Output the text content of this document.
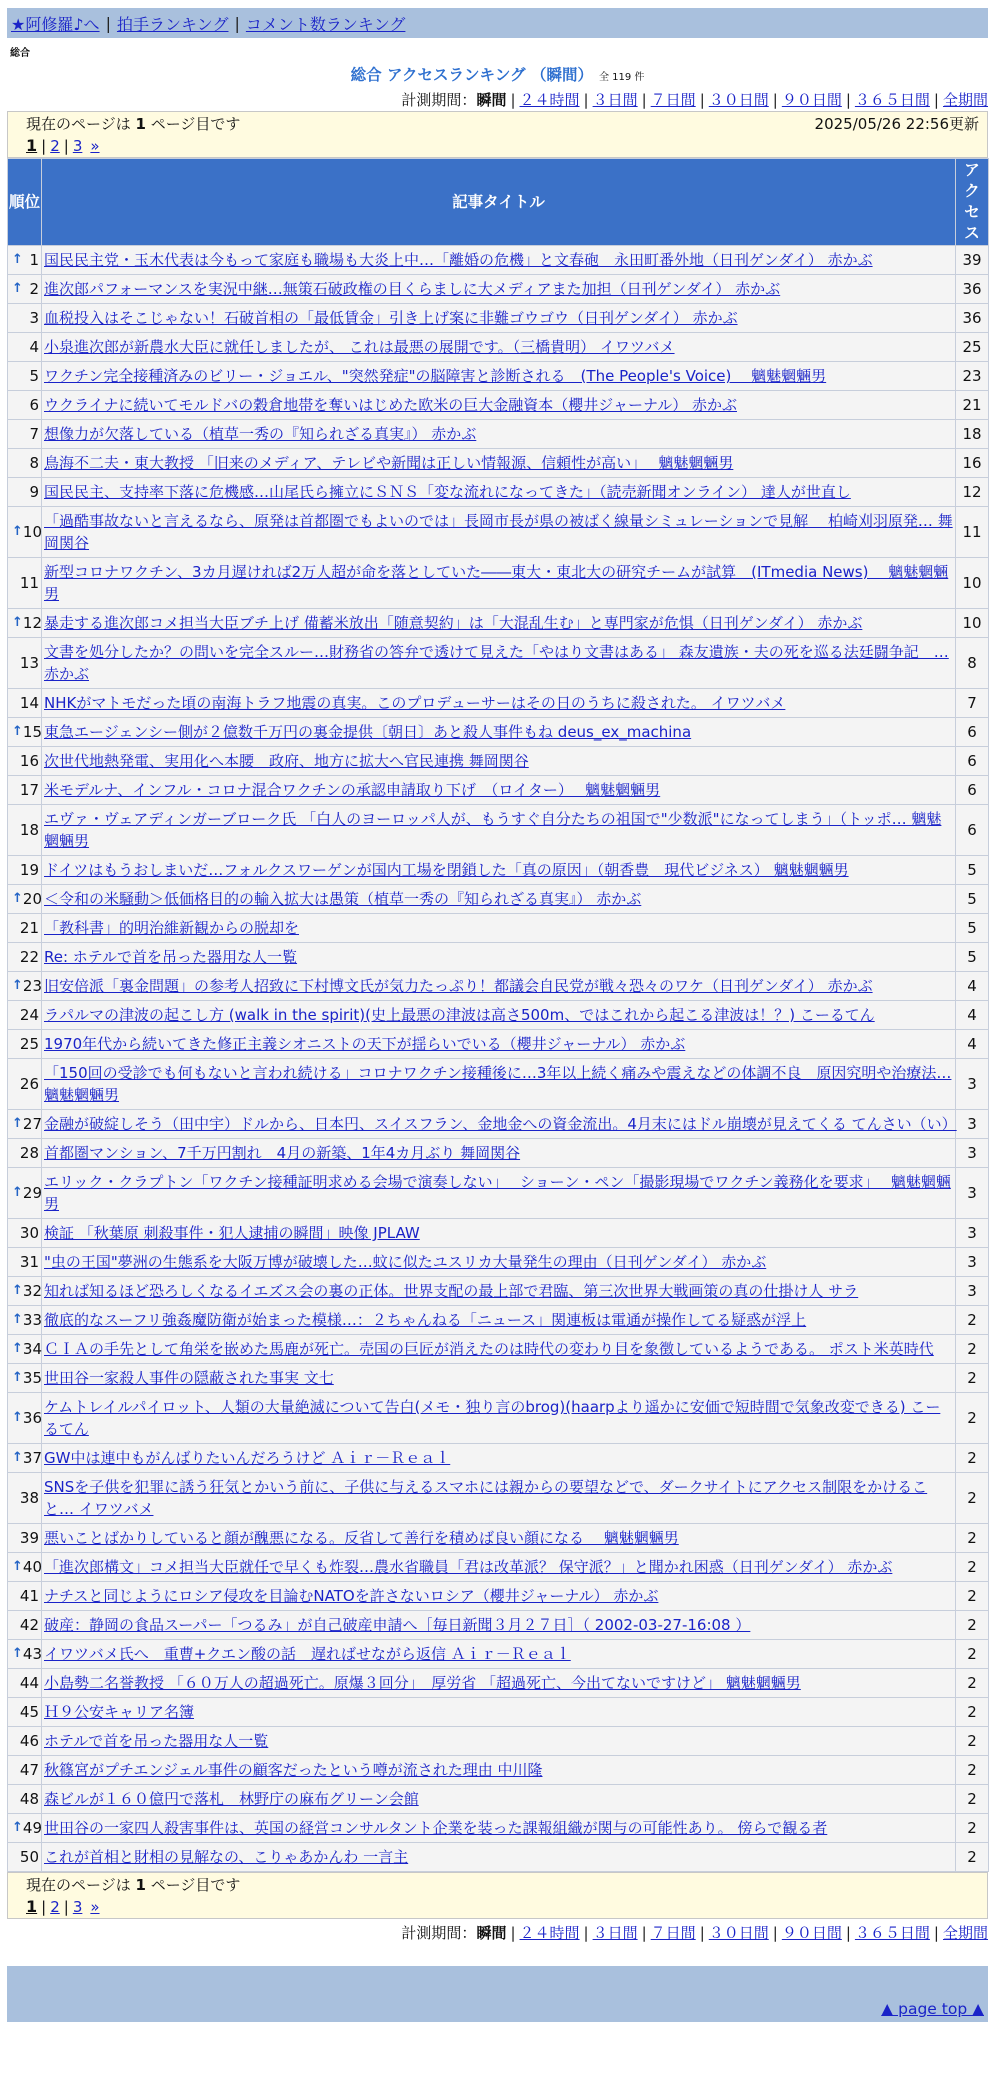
★阿修羅♪へ | 拍手ランキング | コメント数ランキング
総合
総合 アクセスランキング （瞬間） 全 119 件
計測期間：瞬間 | ２４時間 | ３日間 | ７日間 | ３０日間 | ９０日間 | ３６５日間 | 全期間
現在のページは 1 ページ目です	2025/05/26 22:56更新
1 | 2 | 3 »
順位	記事タイトル	アクセス

↑ 1	国民民主党・玉木代表は今もって家庭も職場も大炎上中…「離婚の危機」と文春砲　永田町番外地（日刊ゲンダイ） 赤かぶ	39

↑ 2	進次郎パフォーマンスを実況中継…無策石破政権の目くらましに大メディアまた加担（日刊ゲンダイ） 赤かぶ	36
3	血税投入はそこじゃない！石破首相の「最低賃金」引き上げ案に非難ゴウゴウ（日刊ゲンダイ） 赤かぶ	36
4	小泉進次郎が新農水大臣に就任しましたが、 これは最悪の展開です。（三橋貴明） イワツバメ	25
5	ワクチン完全接種済みのビリー・ジョエル、"突然発症"の脳障害と診断される　(The People's Voice)　 魑魅魍魎男	23
6	ウクライナに続いてモルドバの穀倉地帯を奪いはじめた欧米の巨大金融資本（櫻井ジャーナル） 赤かぶ	21
7	想像力が欠落している（植草一秀の『知られざる真実』） 赤かぶ	18
8	鳥海不二夫・東大教授 「旧来のメディア、テレビや新聞は正しい情報源、信頼性が高い」　 魑魅魍魎男	16
9	国民民主、支持率下落に危機感…山尾氏ら擁立にＳＮＳ「変な流れになってきた」（読売新聞オンライン） 達人が世直し	12

↑ 10	「過酷事故ないと言えるなら、原発は首都圏でもよいのでは」長岡市長が県の被ばく線量シミュレーションで見解　 柏崎刈羽原発… 舞岡関谷	11
11	新型コロナワクチン、3カ月遅ければ2万人超が命を落としていた――東大・東北大の研究チームが試算　(ITmedia News)　 魑魅魍魎男	10

↑ 12	暴走する進次郎コメ担当大臣ブチ上げ 備蓄米放出「随意契約」は「大混乱生む」と専門家が危惧（日刊ゲンダイ） 赤かぶ	10
13	文書を処分したか？の問いを完全スルー…財務省の答弁で透けて見えた「やはり文書はある」 森友遺族・夫の死を巡る法廷闘争記　… 赤かぶ	8
14	NHKがマトモだった頃の南海トラフ地震の真実。このプロデューサーはその日のうちに殺された。 イワツバメ	7

↑ 15	東急エージェンシー側が２億数千万円の裏金提供〔朝日〕あと殺人事件もね deus_ex_machina	6
16	次世代地熱発電、実用化へ本腰　政府、地方に拡大へ官民連携 舞岡関谷	6
17	米モデルナ、インフル・コロナ混合ワクチンの承認申請取り下げ　（ロイター）　 魑魅魍魎男	6
18	エヴァ・ヴェアディンガーブローク氏 「白人のヨーロッパ人が、もうすぐ自分たちの祖国で"少数派"になってしまう」（トッポ… 魑魅魍魎男	6
19	ドイツはもうおしまいだ…フォルクスワーゲンが国内工場を閉鎖した「真の原因」（朝香豊　現代ビジネス） 魑魅魍魎男	5

↑ 20	＜令和の米騒動＞低価格目的の輸入拡大は愚策（植草一秀の『知られざる真実』） 赤かぶ	5
21	「教科書」的明治維新観からの脱却を	5
22	Re: ホテルで首を吊った器用な人一覧	5

↑ 23	旧安倍派「裏金問題」の参考人招致に下村博文氏が気力たっぷり！都議会自民党が戦々恐々のワケ（日刊ゲンダイ） 赤かぶ	4
24	ラパルマの津波の起こし方 (walk in the spirit)(史上最悪の津波は高さ500m、ではこれから起こる津波は！？) こーるてん	4
25	1970年代から続いてきた修正主義シオニストの天下が揺らいでいる（櫻井ジャーナル） 赤かぶ	4
26	「150回の受診でも何もないと言われ続ける」コロナワクチン接種後に…3年以上続く痛みや震えなどの体調不良　原因究明や治療法… 魑魅魍魎男	3

↑ 27	金融が破綻しそう（田中宇）ドルから、日本円、スイスフラン、金地金への資金流出。4月末にはドル崩壊が見えてくる てんさい（い）	3
28	首都圏マンション、7千万円割れ　4月の新築、1年4カ月ぶり 舞岡関谷	3

↑ 29	エリック・クラプトン「ワクチン接種証明求める会場で演奏しない」　 ショーン・ペン「撮影現場でワクチン義務化を要求」　 魑魅魍魎男	3
30	検証 「秋葉原 刺殺事件・犯人逮捕の瞬間」映像 JPLAW	3
31	"虫の王国"夢洲の生態系を大阪万博が破壊した…蚊に似たユスリカ大量発生の理由（日刊ゲンダイ） 赤かぶ	3

↑ 32	知れば知るほど恐ろしくなるイエズス会の裏の正体。世界支配の最上部で君臨、第三次世界大戦画策の真の仕掛け人 サラ	3

↑ 33	徹底的なスーフリ強姦魔防衛が始まった模様…：２ちゃんねる「ニュース」関連板は電通が操作してる疑惑が浮上	2

↑ 34	ＣＩＡの手先として角栄を嵌めた馬鹿が死亡。売国の巨匠が消えたのは時代の変わり目を象徴しているようである。 ポスト米英時代	2

↑ 35	世田谷一家殺人事件の隠蔽された事実 文七	2

↑ 36	ケムトレイルパイロット、人類の大量絶滅について告白(メモ・独り言のbrog)(haarpより遥かに安価で短時間で気象改変できる) こーるてん	2

↑ 37	GW中は連中もがんばりたいんだろうけど Ａｉｒ－Ｒｅａｌ	2
38	SNSを子供を犯罪に誘う狂気とかいう前に、子供に与えるスマホには親からの要望などで、ダークサイトにアクセス制限をかけること… イワツバメ	2
39	悪いことばかりしていると顔が醜悪になる。反省して善行を積めば良い顔になる　 魑魅魍魎男	2

↑ 40	「進次郎構文」コメ担当大臣就任で早くも炸裂…農水省職員「君は改革派？ 保守派？」と聞かれ困惑（日刊ゲンダイ） 赤かぶ	2
41	ナチスと同じようにロシア侵攻を目論むNATOを許さないロシア（櫻井ジャーナル） 赤かぶ	2
42	破産：静岡の食品スーパー「つるみ」が自己破産申請へ［毎日新聞３月２７日］（ 2002-03-27-16:08 ）	2

↑ 43	イワツバメ氏へ　重曹+クエン酸の話　遅ればせながら返信 Ａｉｒ－Ｒｅａｌ	2
44	小島勢二名誉教授 「６０万人の超過死亡。原爆３回分」　厚労省 「超過死亡、今出てないですけど」 魑魅魍魎男	2
45	Ｈ９公安キャリア名簿	2
46	ホテルで首を吊った器用な人一覧	2
47	秋篠宮がプチエンジェル事件の顧客だったという噂が流された理由 中川隆	2
48	森ビルが１６０億円で落札　林野庁の麻布グリーン会館	2

↑ 49	世田谷の一家四人殺害事件は、英国の経営コンサルタント企業を装った課報組織が関与の可能性あり。 傍らで観る者	2
50	これが首相と財相の見解なの、こりゃあかんわ 一言主	2
現在のページは 1 ページ目です
1 | 2 | 3 »
計測期間：瞬間 | ２４時間 | ３日間 | ７日間 | ３０日間 | ９０日間 | ３６５日間 | 全期間
▲ page top ▲
